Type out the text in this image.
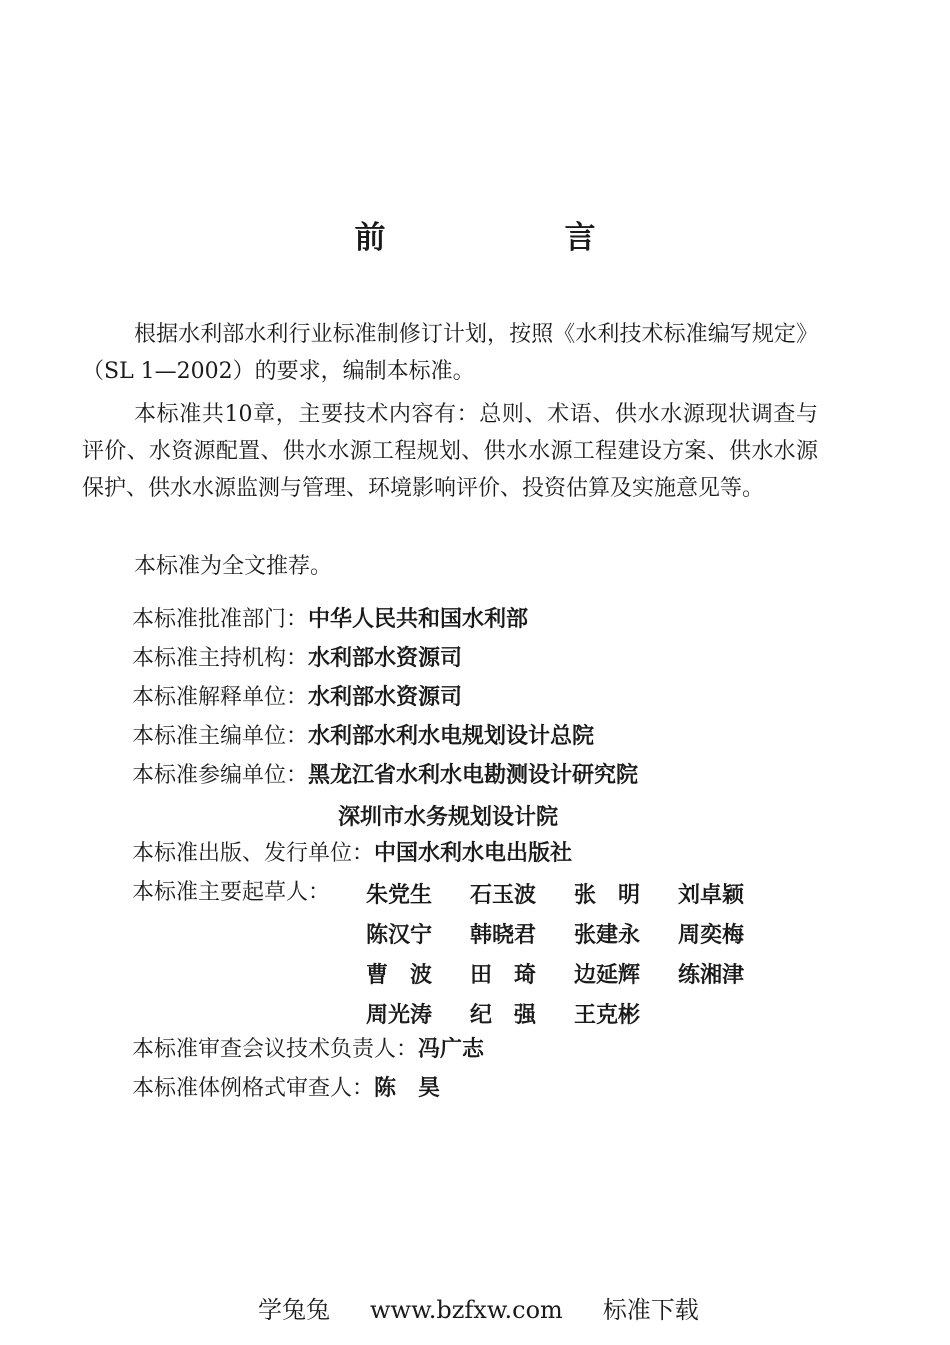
前　言

根据水利部水利行业标准制修订计划，按照《水利技术标准编写规定》（SL 1—2002）的要求，编制本标准。

本标准共10章，主要技术内容有：总则、术语、供水水源现状调查与评价、水资源配置、供水水源工程规划、供水水源工程建设方案、供水水源保护、供水水源监测与管理、环境影响评价、投资估算及实施意见等。

本标准为全文推荐。

本标准批准部门：中华人民共和国水利部
本标准主持机构：水利部水资源司
本标准解释单位：水利部水资源司
本标准主编单位：水利部水利水电规划设计总院
本标准参编单位：黑龙江省水利水电勘测设计研究院
深圳市水务规划设计院
本标准出版、发行单位：中国水利水电出版社
本标准主要起草人： 朱党生 石玉波 张　明 刘卓颖
陈汉宁 韩晓君 张建永 周奕梅
曹　波 田　琦 边延辉 练湘津
周光涛 纪　强 王克彬
本标准审查会议技术负责人：冯广志
本标准体例格式审查人：陈　昊
学兔兔 www.bzfxw.com 标准下载
